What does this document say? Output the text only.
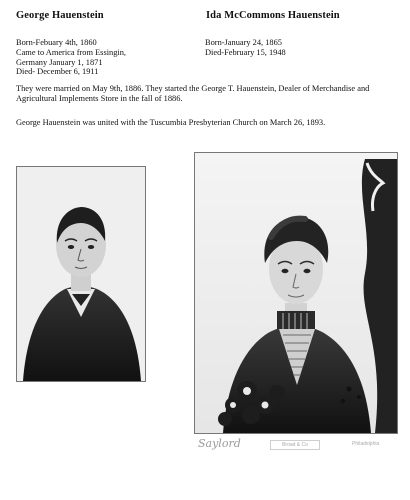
George Hauenstein	Ida McCommons Hauenstein
Born-Febuary 4th, 1860
Came to America from Essingin,
Germany January 1, 1871
Died- December 6, 1911
Born-January 24, 1865
Died-February 15, 1948
They were married on May 9th, 1886. They started the George T. Hauenstein, Dealer of Merchandise and Agricultural Implements Store in the fall of 1886.
George Hauenstein was united with the Tuscumbia Presbyterian Church on March 26, 1893.
Saylord	Broad & Co	Philadelphia
